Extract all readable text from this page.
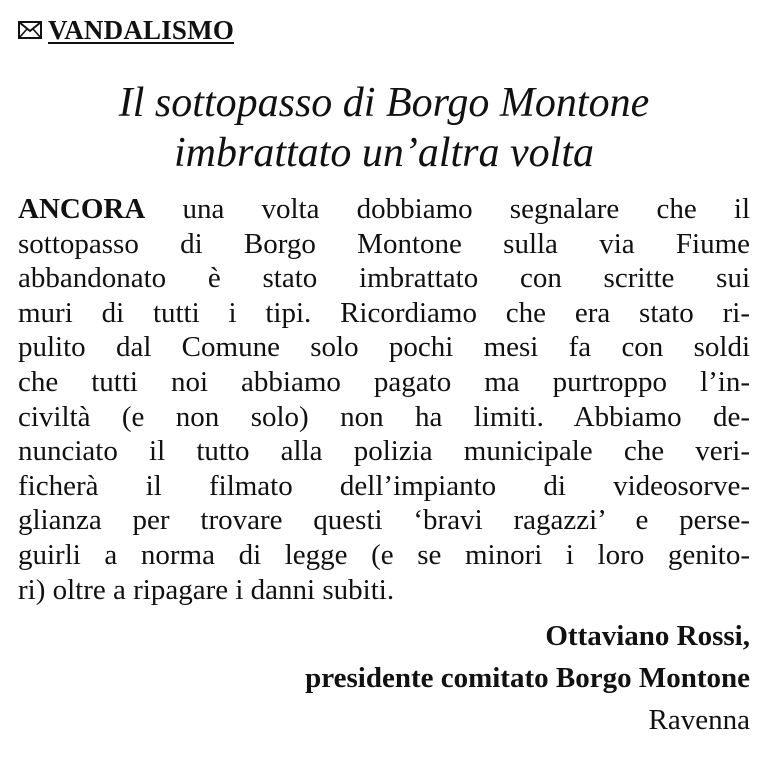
VANDALISMO
Il sottopasso di Borgo Montone
imbrattato un’altra volta
ANCORA una volta dobbiamo segnalare che il
sottopasso di Borgo Montone sulla via Fiume
abbandonato è stato imbrattato con scritte sui
muri di tutti i tipi. Ricordiamo che era stato ri-
pulito dal Comune solo pochi mesi fa con soldi
che tutti noi abbiamo pagato ma purtroppo l’in-
civiltà (e non solo) non ha limiti. Abbiamo de-
nunciato il tutto alla polizia municipale che veri-
ficherà il filmato dell’impianto di videosorve-
glianza per trovare questi ‘bravi ragazzi’ e perse-
guirli a norma di legge (e se minori i loro genito-
ri) oltre a ripagare i danni subiti.
Ottaviano Rossi,
presidente comitato Borgo Montone
Ravenna
